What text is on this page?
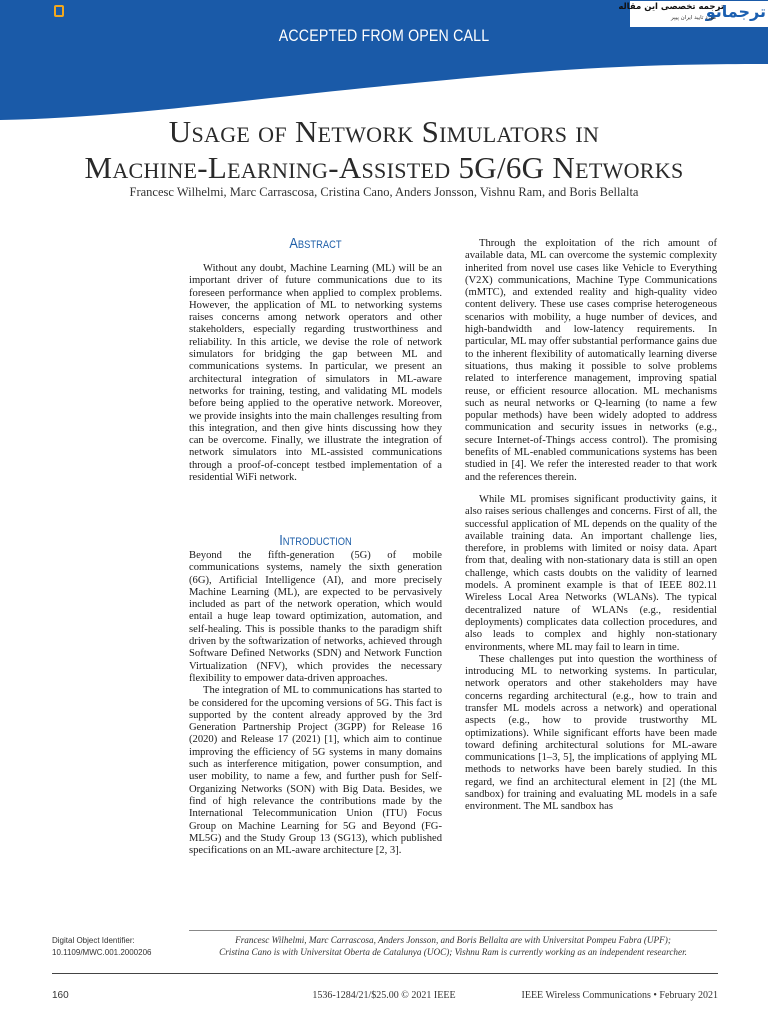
ACCEPTED FROM OPEN CALL
ترجمانو
ترجمه تخصصی این مقاله
مورد تایید ایران پیپر
Usage of Network Simulators in
Machine-Learning-Assisted 5G/6G Networks
Francesc Wilhelmi, Marc Carrascosa, Cristina Cano, Anders Jonsson, Vishnu Ram, and Boris Bellalta
Abstract

Without any doubt, Machine Learning (ML) will be an important driver of future communications due to its foreseen performance when applied to complex problems. However, the application of ML to networking systems raises concerns among network operators and other stakeholders, especially regarding trustworthiness and reliability. In this article, we devise the role of network simulators for bridging the gap between ML and communications systems. In particular, we present an architectural integration of simulators in ML-aware networks for training, testing, and validating ML models before being applied to the operative network. Moreover, we provide insights into the main challenges resulting from this integration, and then give hints discussing how they can be overcome. Finally, we illustrate the integration of network simulators into ML-assisted communications through a proof-of-concept testbed implementation of a residential WiFi network.

Introduction

Beyond the fifth-generation (5G) of mobile communications systems, namely the sixth generation (6G), Artificial Intelligence (AI), and more precisely Machine Learning (ML), are expected to be pervasively included as part of the network operation, which would entail a huge leap toward optimization, automation, and self-healing. This is possible thanks to the paradigm shift driven by the softwarization of networks, achieved through Software Defined Networks (SDN) and Network Function Virtualization (NFV), which provides the necessary flexibility to empower data-driven approaches.

The integration of ML to communications has started to be considered for the upcoming versions of 5G. This fact is supported by the content already approved by the 3rd Generation Partnership Project (3GPP) for Release 16 (2020) and Release 17 (2021) [1], which aim to continue improving the efficiency of 5G systems in many domains such as interference mitigation, power consumption, and user mobility, to name a few, and further push for Self-Organizing Networks (SON) with Big Data. Besides, we find of high relevance the contributions made by the International Telecommunication Union (ITU) Focus Group on Machine Learning for 5G and Beyond (FG-ML5G) and the Study Group 13 (SG13), which published specifications on an ML-aware architecture [2, 3].

Through the exploitation of the rich amount of available data, ML can overcome the systemic complexity inherited from novel use cases like Vehicle to Everything (V2X) communications, Machine Type Communications (mMTC), and extended reality and high-quality video content delivery. These use cases comprise heterogeneous scenarios with mobility, a huge number of devices, and high-bandwidth and low-latency requirements. In particular, ML may offer substantial performance gains due to the inherent flexibility of automatically learning diverse situations, thus making it possible to solve problems related to interference management, improving spatial reuse, or efficient resource allocation. ML mechanisms such as neural networks or Q-learning (to name a few popular methods) have been widely adopted to address communication and security issues in networks (e.g., secure Internet-of-Things access control). The promising benefits of ML-enabled communications systems has been studied in [4]. We refer the interested reader to that work and the references therein.

While ML promises significant productivity gains, it also raises serious challenges and concerns. First of all, the successful application of ML depends on the quality of the available training data. An important challenge lies, therefore, in problems with limited or noisy data. Apart from that, dealing with non-stationary data is still an open challenge, which casts doubts on the validity of learned models. A prominent example is that of IEEE 802.11 Wireless Local Area Networks (WLANs). The typical decentralized nature of WLANs (e.g., residential deployments) complicates data collection procedures, and also leads to complex and highly non-stationary environments, where ML may fail to learn in time.

These challenges put into question the worthiness of introducing ML to networking systems. In particular, network operators and other stakeholders may have concerns regarding architectural (e.g., how to train and transfer ML models across a network) and operational aspects (e.g., how to provide trustworthy ML optimizations). While significant efforts have been made toward defining architectural solutions for ML-aware communications [1–3, 5], the implications of applying ML methods to networks have been barely studied. In this regard, we find an architectural element in [2] (the ML sandbox) for training and evaluating ML models in a safe environment. The ML sandbox has

Digital Object Identifier:
10.1109/MWC.001.2000206
Francesc Wilhelmi, Marc Carrascosa, Anders Jonsson, and Boris Bellalta are with Universitat Pompeu Fabra (UPF);
Cristina Cano is with Universitat Oberta de Catalunya (UOC); Vishnu Ram is currently working as an independent researcher.
160	1536-1284/21/$25.00 © 2021 IEEE	IEEE Wireless Communications • February 2021
